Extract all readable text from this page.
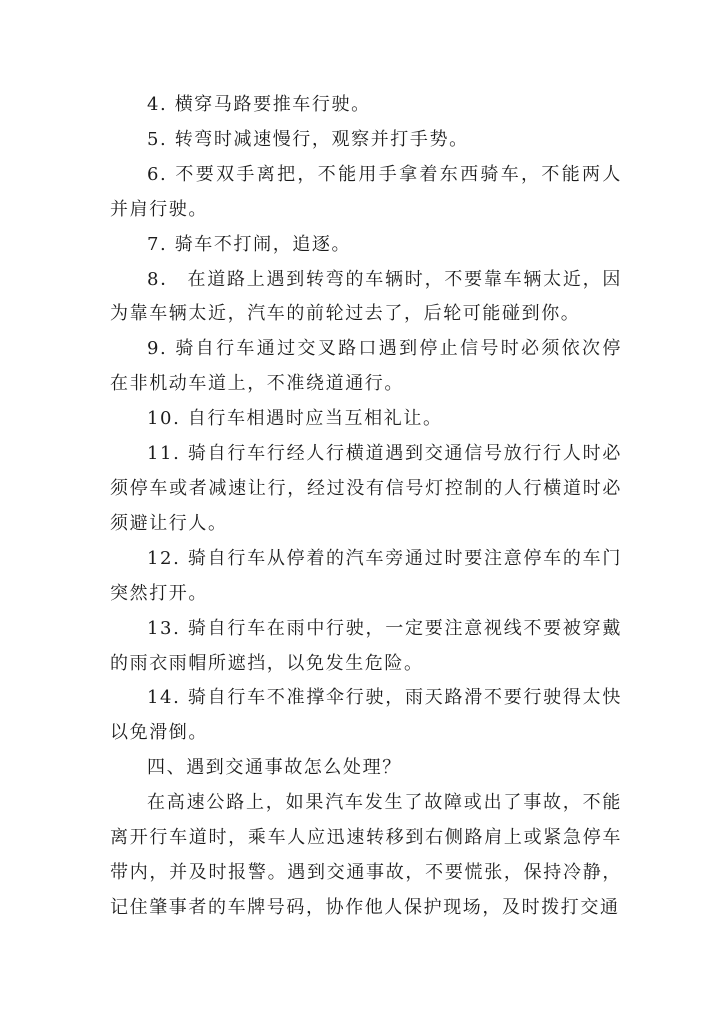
4. 横穿马路要推车行驶。

5. 转弯时减速慢行，观察并打手势。

6. 不要双手离把，不能用手拿着东西骑车，不能两人并肩行驶。

7. 骑车不打闹，追逐。

8． 在道路上遇到转弯的车辆时，不要靠车辆太近，因为靠车辆太近，汽车的前轮过去了，后轮可能碰到你。

9. 骑自行车通过交叉路口遇到停止信号时必须依次停在非机动车道上，不准绕道通行。

10. 自行车相遇时应当互相礼让。

11. 骑自行车行经人行横道遇到交通信号放行行人时必须停车或者减速让行，经过没有信号灯控制的人行横道时必须避让行人。

12. 骑自行车从停着的汽车旁通过时要注意停车的车门突然打开。

13. 骑自行车在雨中行驶，一定要注意视线不要被穿戴的雨衣雨帽所遮挡，以免发生危险。

14. 骑自行车不准撑伞行驶，雨天路滑不要行驶得太快以免滑倒。

四、遇到交通事故怎么处理？

在高速公路上，如果汽车发生了故障或出了事故，不能离开行车道时，乘车人应迅速转移到右侧路肩上或紧急停车带内，并及时报警。遇到交通事故，不要慌张，保持冷静，记住肇事者的车牌号码，协作他人保护现场，及时拨打交通
